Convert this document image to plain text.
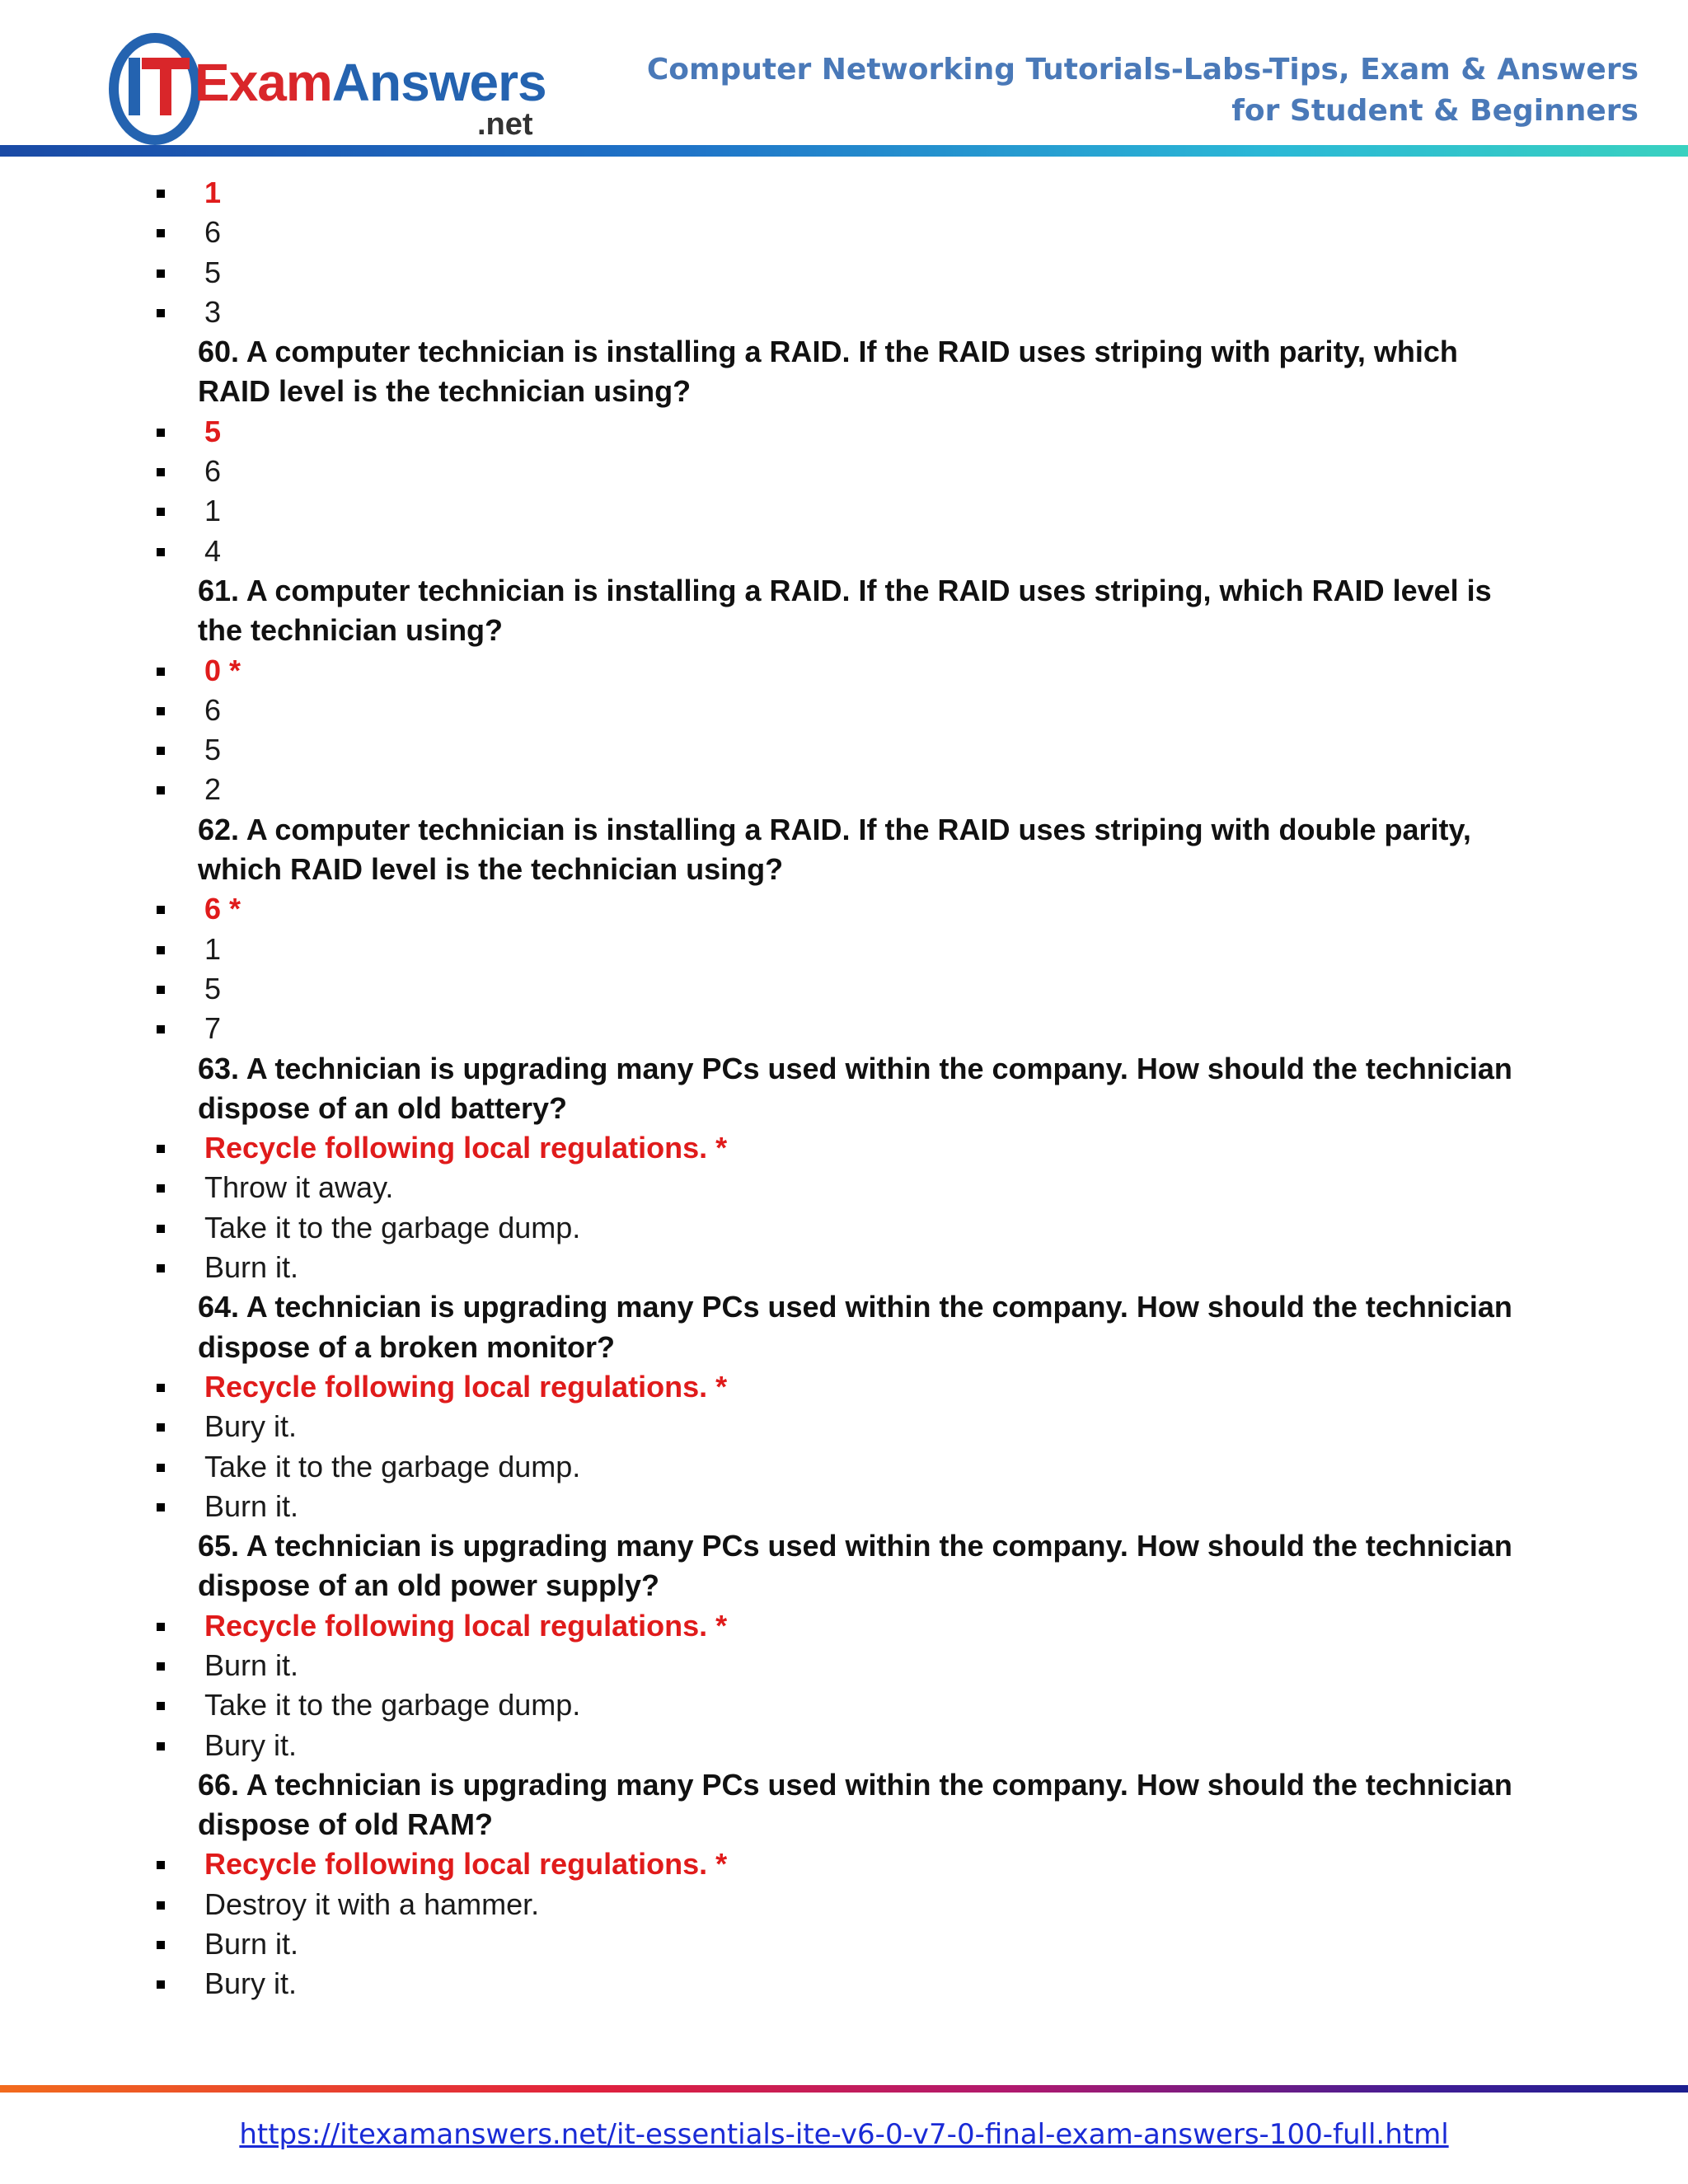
ExamAnswers
.net
Computer Networking Tutorials-Labs-Tips, Exam & Answers
for Student & Beginners
1
6
5
3
60. A computer technician is installing a RAID. If the RAID uses striping with parity, which
RAID level is the technician using?
5
6
1
4
61. A computer technician is installing a RAID. If the RAID uses striping, which RAID level is
the technician using?
0 *
6
5
2
62. A computer technician is installing a RAID. If the RAID uses striping with double parity,
which RAID level is the technician using?
6 *
1
5
7
63. A technician is upgrading many PCs used within the company. How should the technician
dispose of an old battery?
Recycle following local regulations. *
Throw it away.
Take it to the garbage dump.
Burn it.
64. A technician is upgrading many PCs used within the company. How should the technician
dispose of a broken monitor?
Recycle following local regulations. *
Bury it.
Take it to the garbage dump.
Burn it.
65. A technician is upgrading many PCs used within the company. How should the technician
dispose of an old power supply?
Recycle following local regulations. *
Burn it.
Take it to the garbage dump.
Bury it.
66. A technician is upgrading many PCs used within the company. How should the technician
dispose of old RAM?
Recycle following local regulations. *
Destroy it with a hammer.
Burn it.
Bury it.
https://itexamanswers.net/it-essentials-ite-v6-0-v7-0-final-exam-answers-100-full.html
